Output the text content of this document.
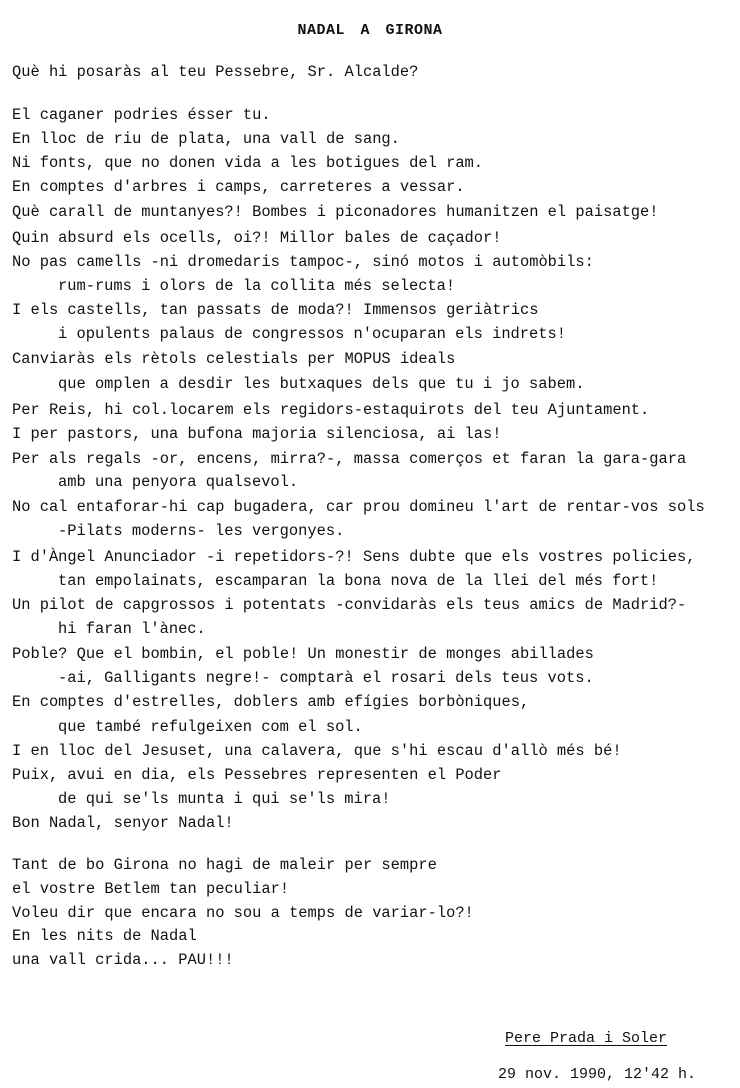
NADAL A GIRONA
Què hi posaràs al teu Pessebre, Sr. Alcalde?
El caganer podries ésser tu.
En lloc de riu de plata, una vall de sang.
Ni fonts, que no donen vida a les botigues del ram.
En comptes d'arbres i camps, carreteres a vessar.
Què carall de muntanyes?! Bombes i piconadores humanitzen el paisatge!
Quin absurd els ocells, oi?! Millor bales de caçador!
No pas camells -ni dromedaris tampoc-, sinó motos i automòbils:
rum-rums i olors de la collita més selecta!
I els castells, tan passats de moda?! Immensos geriàtrics
i opulents palaus de congressos n'ocuparan els indrets!
Canviaràs els rètols celestials per MOPUS ideals
que omplen a desdir les butxaques dels que tu i jo sabem.
Per Reis, hi col.locarem els regidors-estaquirots del teu Ajuntament.
I per pastors, una bufona majoria silenciosa, ai las!
Per als regals -or, encens, mirra?-, massa comerços et faran la gara-gara
amb una penyora qualsevol.
No cal entaforar-hi cap bugadera, car prou domineu l'art de rentar-vos sols
-Pilats moderns- les vergonyes.
I d'Àngel Anunciador -i repetidors-?! Sens dubte que els vostres policies,
tan empolainats, escamparan la bona nova de la llei del més fort!
Un pilot de capgrossos i potentats -convidaràs els teus amics de Madrid?-
hi faran l'ànec.
Poble? Que el bombin, el poble! Un monestir de monges abillades
-ai, Galligants negre!- comptarà el rosari dels teus vots.
En comptes d'estrelles, doblers amb efígies borbòniques,
que també refulgeixen com el sol.
I en lloc del Jesuset, una calavera, que s'hi escau d'allò més bé!
Puix, avui en dia, els Pessebres representen el Poder
de qui se'ls munta i qui se'ls mira!
Bon Nadal, senyor Nadal!
Tant de bo Girona no hagi de maleir per sempre
el vostre Betlem tan peculiar!
Voleu dir que encara no sou a temps de variar-lo?!
En les nits de Nadal
una vall crida... PAU!!!
Pere Prada i Soler
29 nov. 1990, 12'42 h.
